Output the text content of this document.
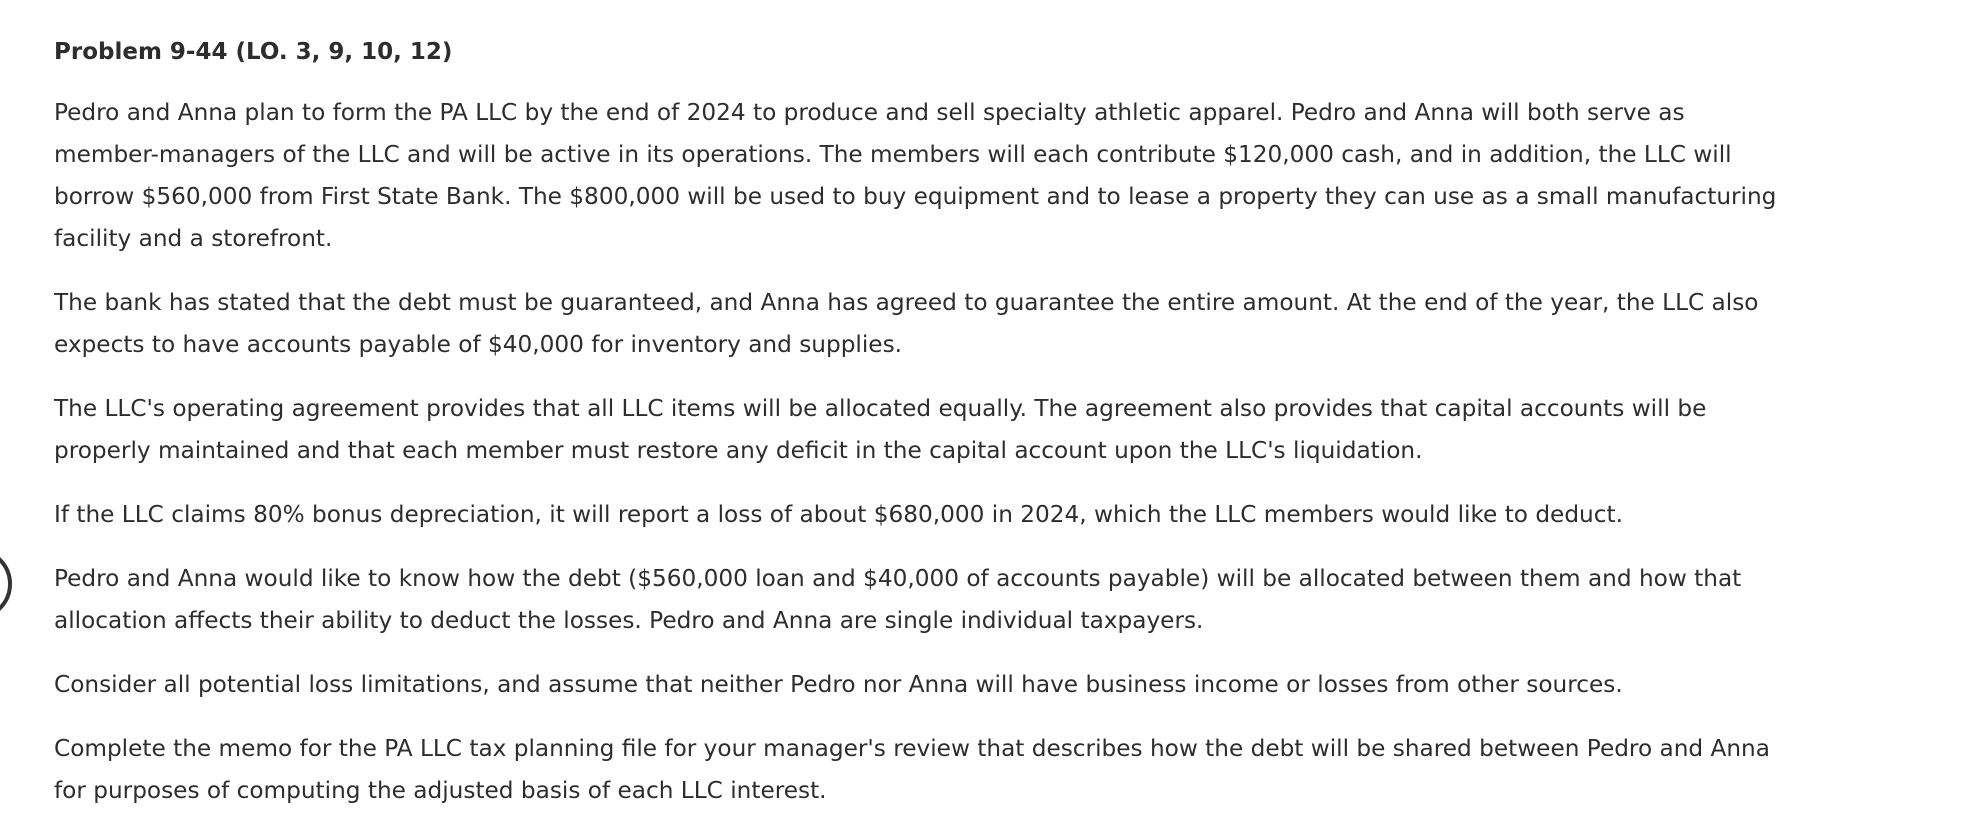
Problem 9-44 (LO. 3, 9, 10, 12)

Pedro and Anna plan to form the PA LLC by the end of 2024 to produce and sell specialty athletic apparel. Pedro and Anna will both serve as member-managers of the LLC and will be active in its operations. The members will each contribute $120,000 cash, and in addition, the LLC will borrow $560,000 from First State Bank. The $800,000 will be used to buy equipment and to lease a property they can use as a small manufacturing facility and a storefront.

The bank has stated that the debt must be guaranteed, and Anna has agreed to guarantee the entire amount. At the end of the year, the LLC also expects to have accounts payable of $40,000 for inventory and supplies.

The LLC's operating agreement provides that all LLC items will be allocated equally. The agreement also provides that capital accounts will be properly maintained and that each member must restore any deficit in the capital account upon the LLC's liquidation.

If the LLC claims 80% bonus depreciation, it will report a loss of about $680,000 in 2024, which the LLC members would like to deduct.

Pedro and Anna would like to know how the debt ($560,000 loan and $40,000 of accounts payable) will be allocated between them and how that allocation affects their ability to deduct the losses. Pedro and Anna are single individual taxpayers.

Consider all potential loss limitations, and assume that neither Pedro nor Anna will have business income or losses from other sources.

Complete the memo for the PA LLC tax planning file for your manager's review that describes how the debt will be shared between Pedro and Anna for purposes of computing the adjusted basis of each LLC interest.
